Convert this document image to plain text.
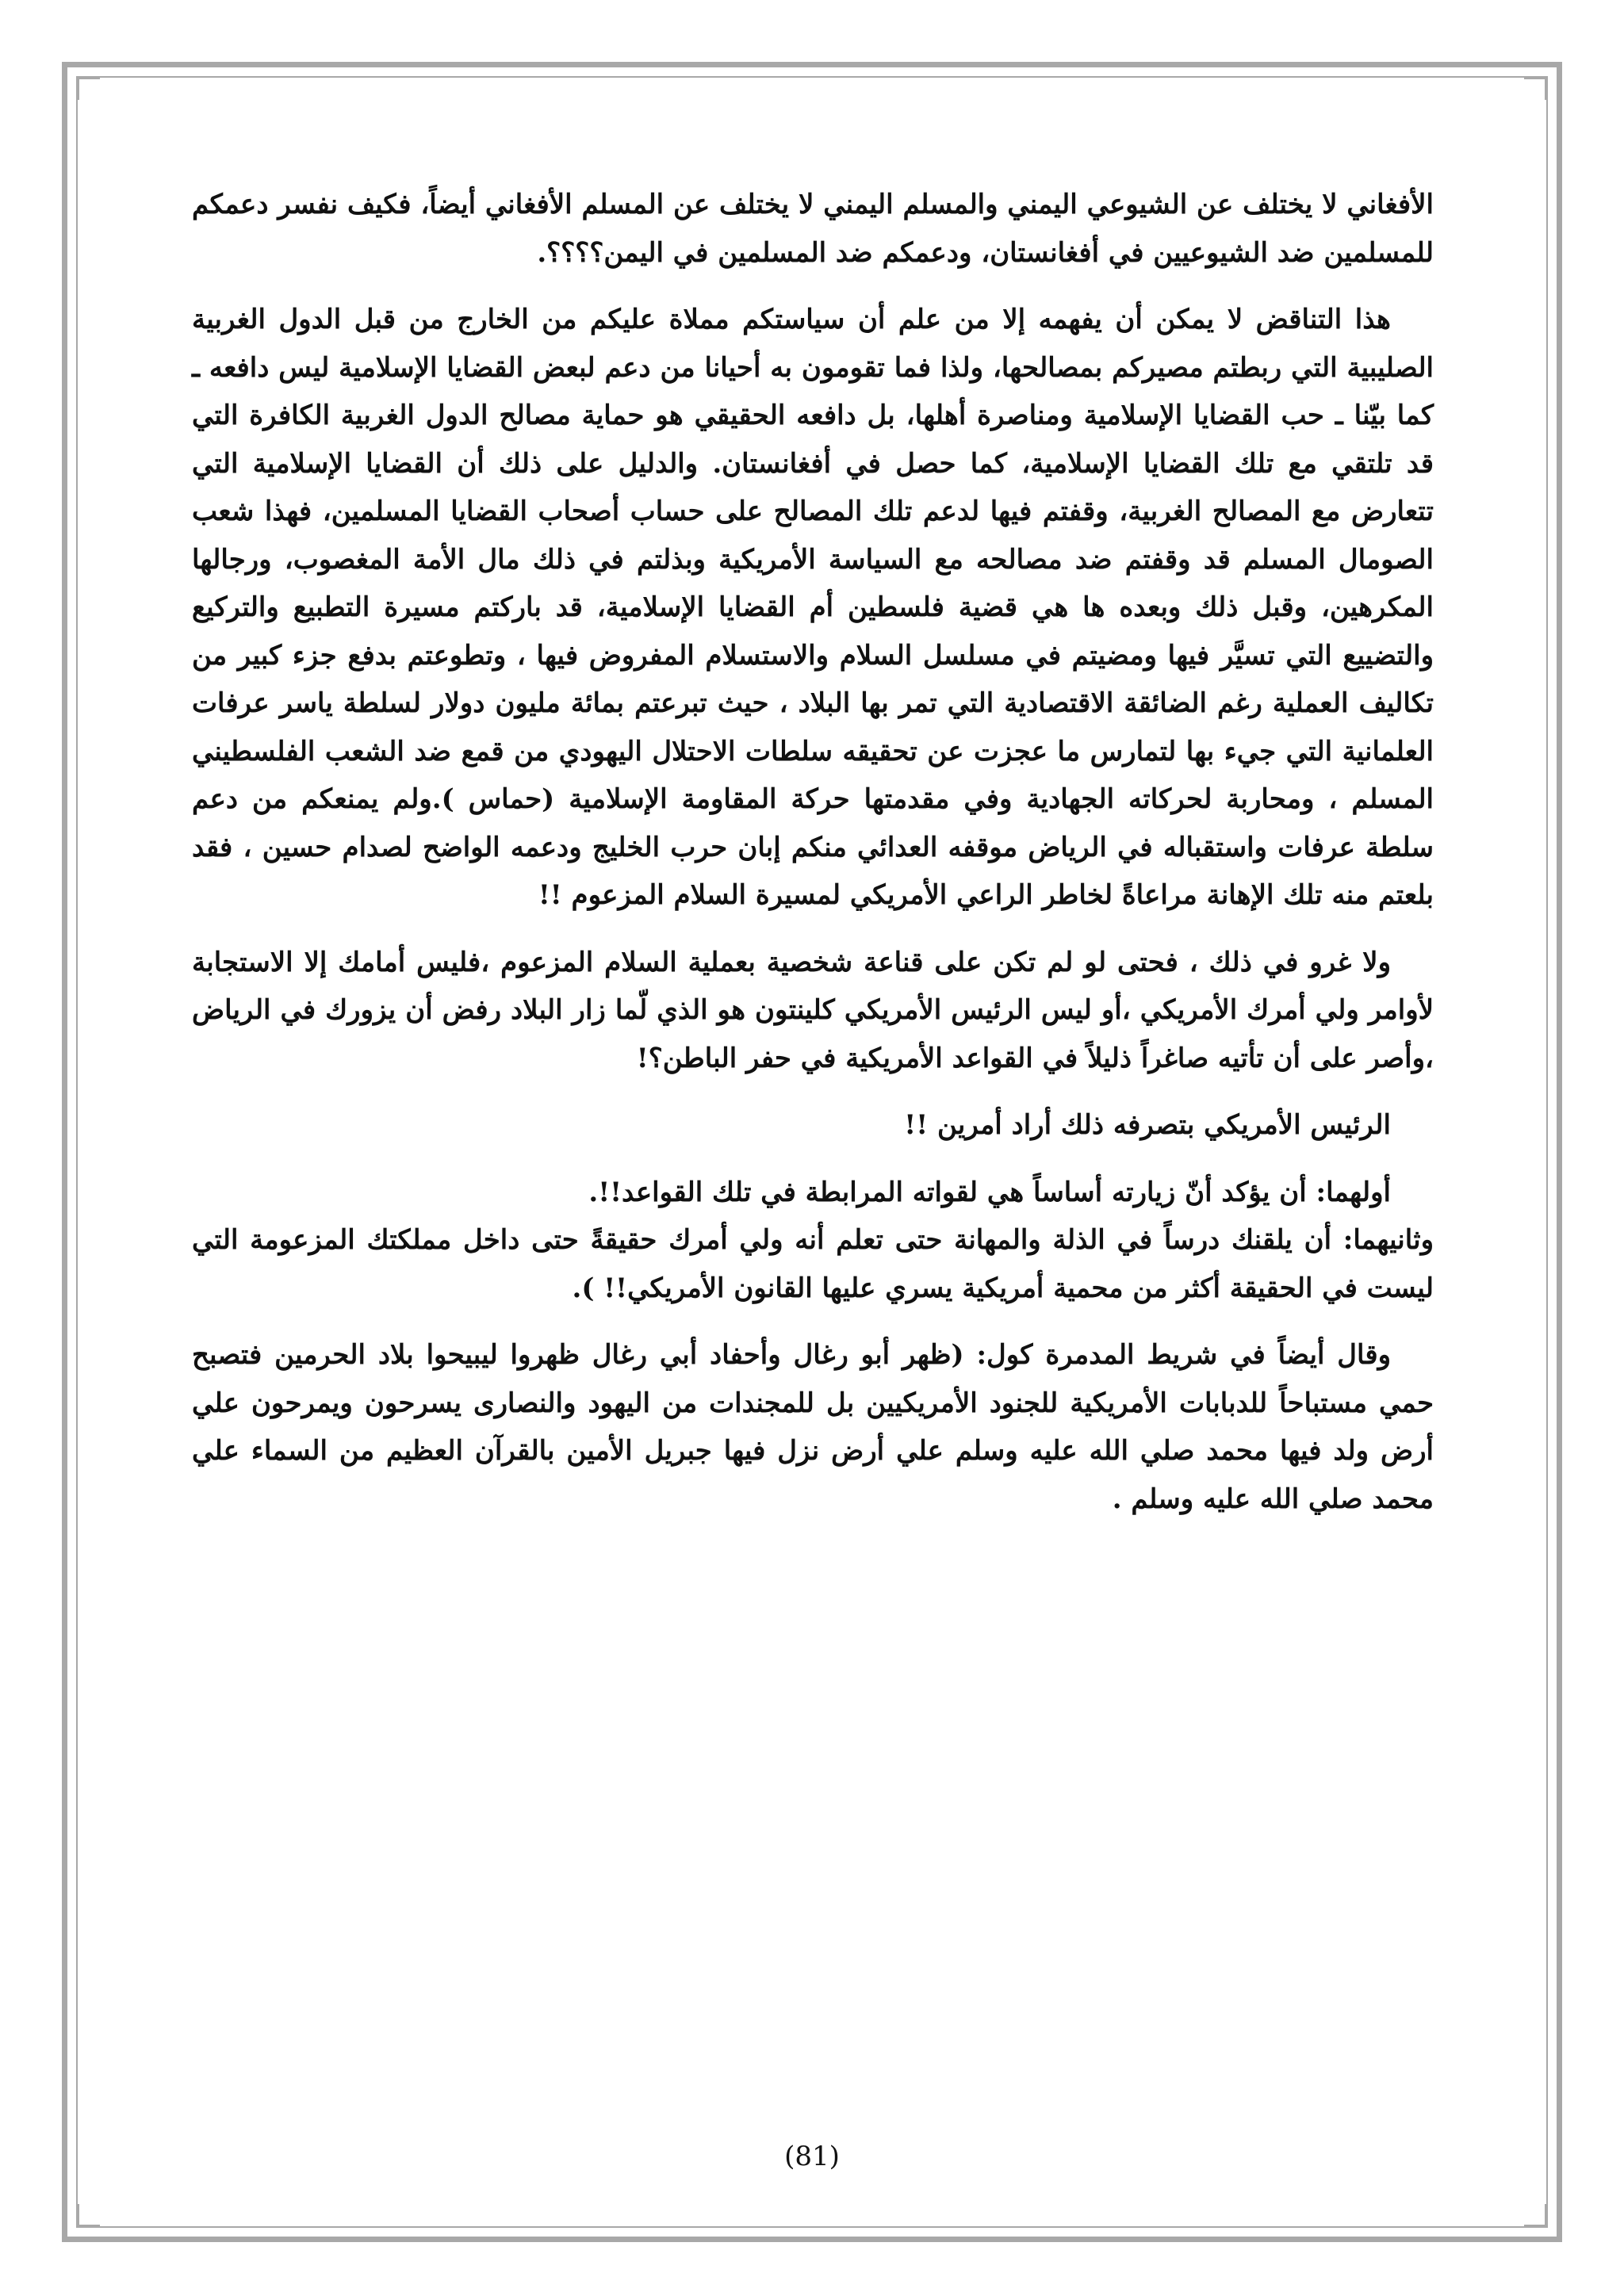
الأفغاني لا يختلف عن الشيوعي اليمني والمسلم اليمني لا يختلف عن المسلم الأفغاني أيضاً، فكيف نفسر دعمكم للمسلمين ضد الشيوعيين في أفغانستان، ودعمكم ضد المسلمين في اليمن؟؟؟؟.

هذا التناقض لا يمكن أن يفهمه إلا من علم أن سياستكم مملاة عليكم من الخارج من قبل الدول الغربية الصليبية التي ربطتم مصيركم بمصالحها، ولذا فما تقومون به أحيانا من دعم لبعض القضايا الإسلامية ليس دافعه ـ كما بيّنا ـ حب القضايا الإسلامية ومناصرة أهلها، بل دافعه الحقيقي هو حماية مصالح الدول الغربية الكافرة التي قد تلتقي مع تلك القضايا الإسلامية، كما حصل في أفغانستان. والدليل على ذلك أن القضايا الإسلامية التي تتعارض مع المصالح الغربية، وقفتم فيها لدعم تلك المصالح على حساب أصحاب القضايا المسلمين، فهذا شعب الصومال المسلم قد وقفتم ضد مصالحه مع السياسة الأمريكية وبذلتم في ذلك مال الأمة المغصوب، ورجالها المكرهين، وقبل ذلك وبعده ها هي قضية فلسطين أم القضايا الإسلامية، قد باركتم مسيرة التطبيع والتركيع والتضييع التي تسيَّر فيها ومضيتم في مسلسل السلام والاستسلام المفروض فيها ، وتطوعتم بدفع جزء كبير من تكاليف العملية رغم الضائقة الاقتصادية التي تمر بها البلاد ، حيث تبرعتم بمائة مليون دولار لسلطة ياسر عرفات العلمانية التي جيء بها لتمارس ما عجزت عن تحقيقه سلطات الاحتلال اليهودي من قمع ضد الشعب الفلسطيني المسلم ، ومحاربة لحركاته الجهادية وفي مقدمتها حركة المقاومة الإسلامية (حماس ).ولم يمنعكم من دعم سلطة عرفات واستقباله في الرياض موقفه العدائي منكم إبان حرب الخليج ودعمه الواضح لصدام حسين ، فقد بلعتم منه تلك الإهانة مراعاةً لخاطر الراعي الأمريكي لمسيرة السلام المزعوم !!

ولا غرو في ذلك ، فحتى لو لم تكن على قناعة شخصية بعملية السلام المزعوم ،فليس أمامك إلا الاستجابة لأوامر ولي أمرك الأمريكي ،أو ليس الرئيس الأمريكي كلينتون هو الذي لّما زار البلاد رفض أن يزورك في الرياض ،وأصر على أن تأتيه صاغراً ذليلاً في القواعد الأمريكية في حفر الباطن؟!

الرئيس الأمريكي بتصرفه ذلك أراد أمرين !!

أولهما: أن يؤكد أنّ زيارته أساساً هي لقواته المرابطة في تلك القواعد!!.

وثانيهما: أن يلقنك درساً في الذلة والمهانة حتى تعلم أنه ولي أمرك حقيقةً حتى داخل مملكتك المزعومة التي ليست في الحقيقة أكثر من محمية أمريكية يسري عليها القانون الأمريكي!! ).

وقال أيضاً في شريط المدمرة كول: (ظهر أبو رغال وأحفاد أبي رغال ظهروا ليبيحوا بلاد الحرمين فتصبح حمي مستباحاً للدبابات الأمريكية للجنود الأمريكيين بل للمجندات من اليهود والنصارى يسرحون ويمرحون علي أرض ولد فيها محمد صلي الله عليه وسلم علي أرض نزل فيها جبريل الأمين بالقرآن العظيم من السماء علي محمد صلي الله عليه وسلم .

(81)
